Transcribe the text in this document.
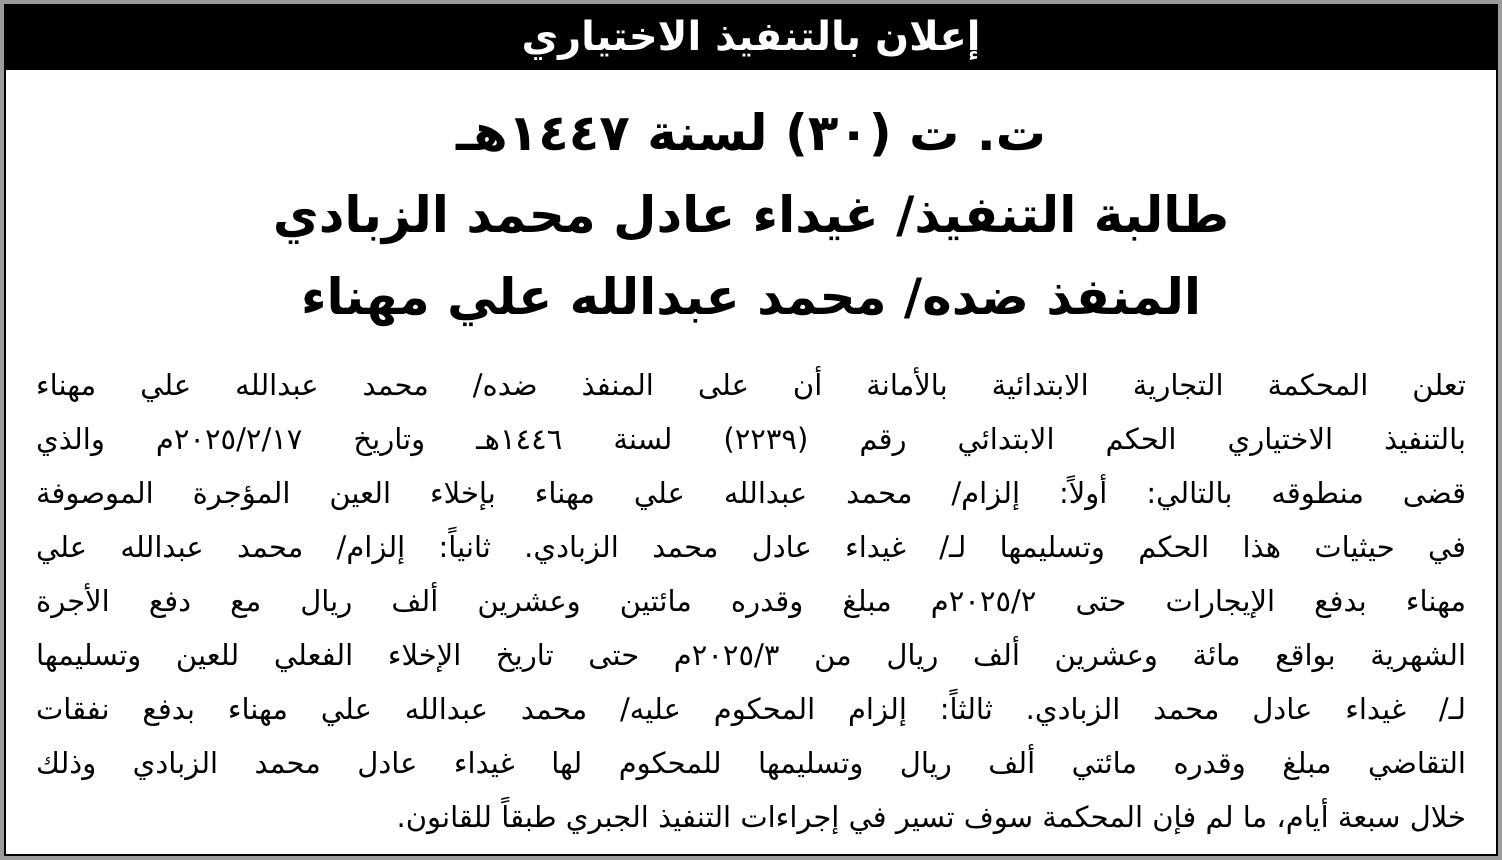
إعلان بالتنفيذ الاختياري
ت. ت (٣٠) لسنة ١٤٤٧هـ
طالبة التنفيذ/ غيداء عادل محمد الزبادي
المنفذ ضده/ محمد عبدالله علي مهناء
تعلن المحكمة التجارية الابتدائية بالأمانة أن على المنفذ ضده/ محمد عبدالله علي مهناء
بالتنفيذ الاختياري الحكم الابتدائي رقم (٢٢٣٩) لسنة ١٤٤٦هـ وتاريخ ٢٠٢٥/٢/١٧م والذي
قضى منطوقه بالتالي: أولاً: إلزام/ محمد عبدالله علي مهناء بإخلاء العين المؤجرة الموصوفة
في حيثيات هذا الحكم وتسليمها لـ/ غيداء عادل محمد الزبادي. ثانياً: إلزام/ محمد عبدالله علي
مهناء بدفع الإيجارات حتى ٢٠٢٥/٢م مبلغ وقدره مائتين وعشرين ألف ريال مع دفع الأجرة
الشهرية بواقع مائة وعشرين ألف ريال من ٢٠٢٥/٣م حتى تاريخ الإخلاء الفعلي للعين وتسليمها
لـ/ غيداء عادل محمد الزبادي. ثالثاً: إلزام المحكوم عليه/ محمد عبدالله علي مهناء بدفع نفقات
التقاضي مبلغ وقدره مائتي ألف ريال وتسليمها للمحكوم لها غيداء عادل محمد الزبادي وذلك
خلال سبعة أيام، ما لم فإن المحكمة سوف تسير في إجراءات التنفيذ الجبري طبقاً للقانون.
